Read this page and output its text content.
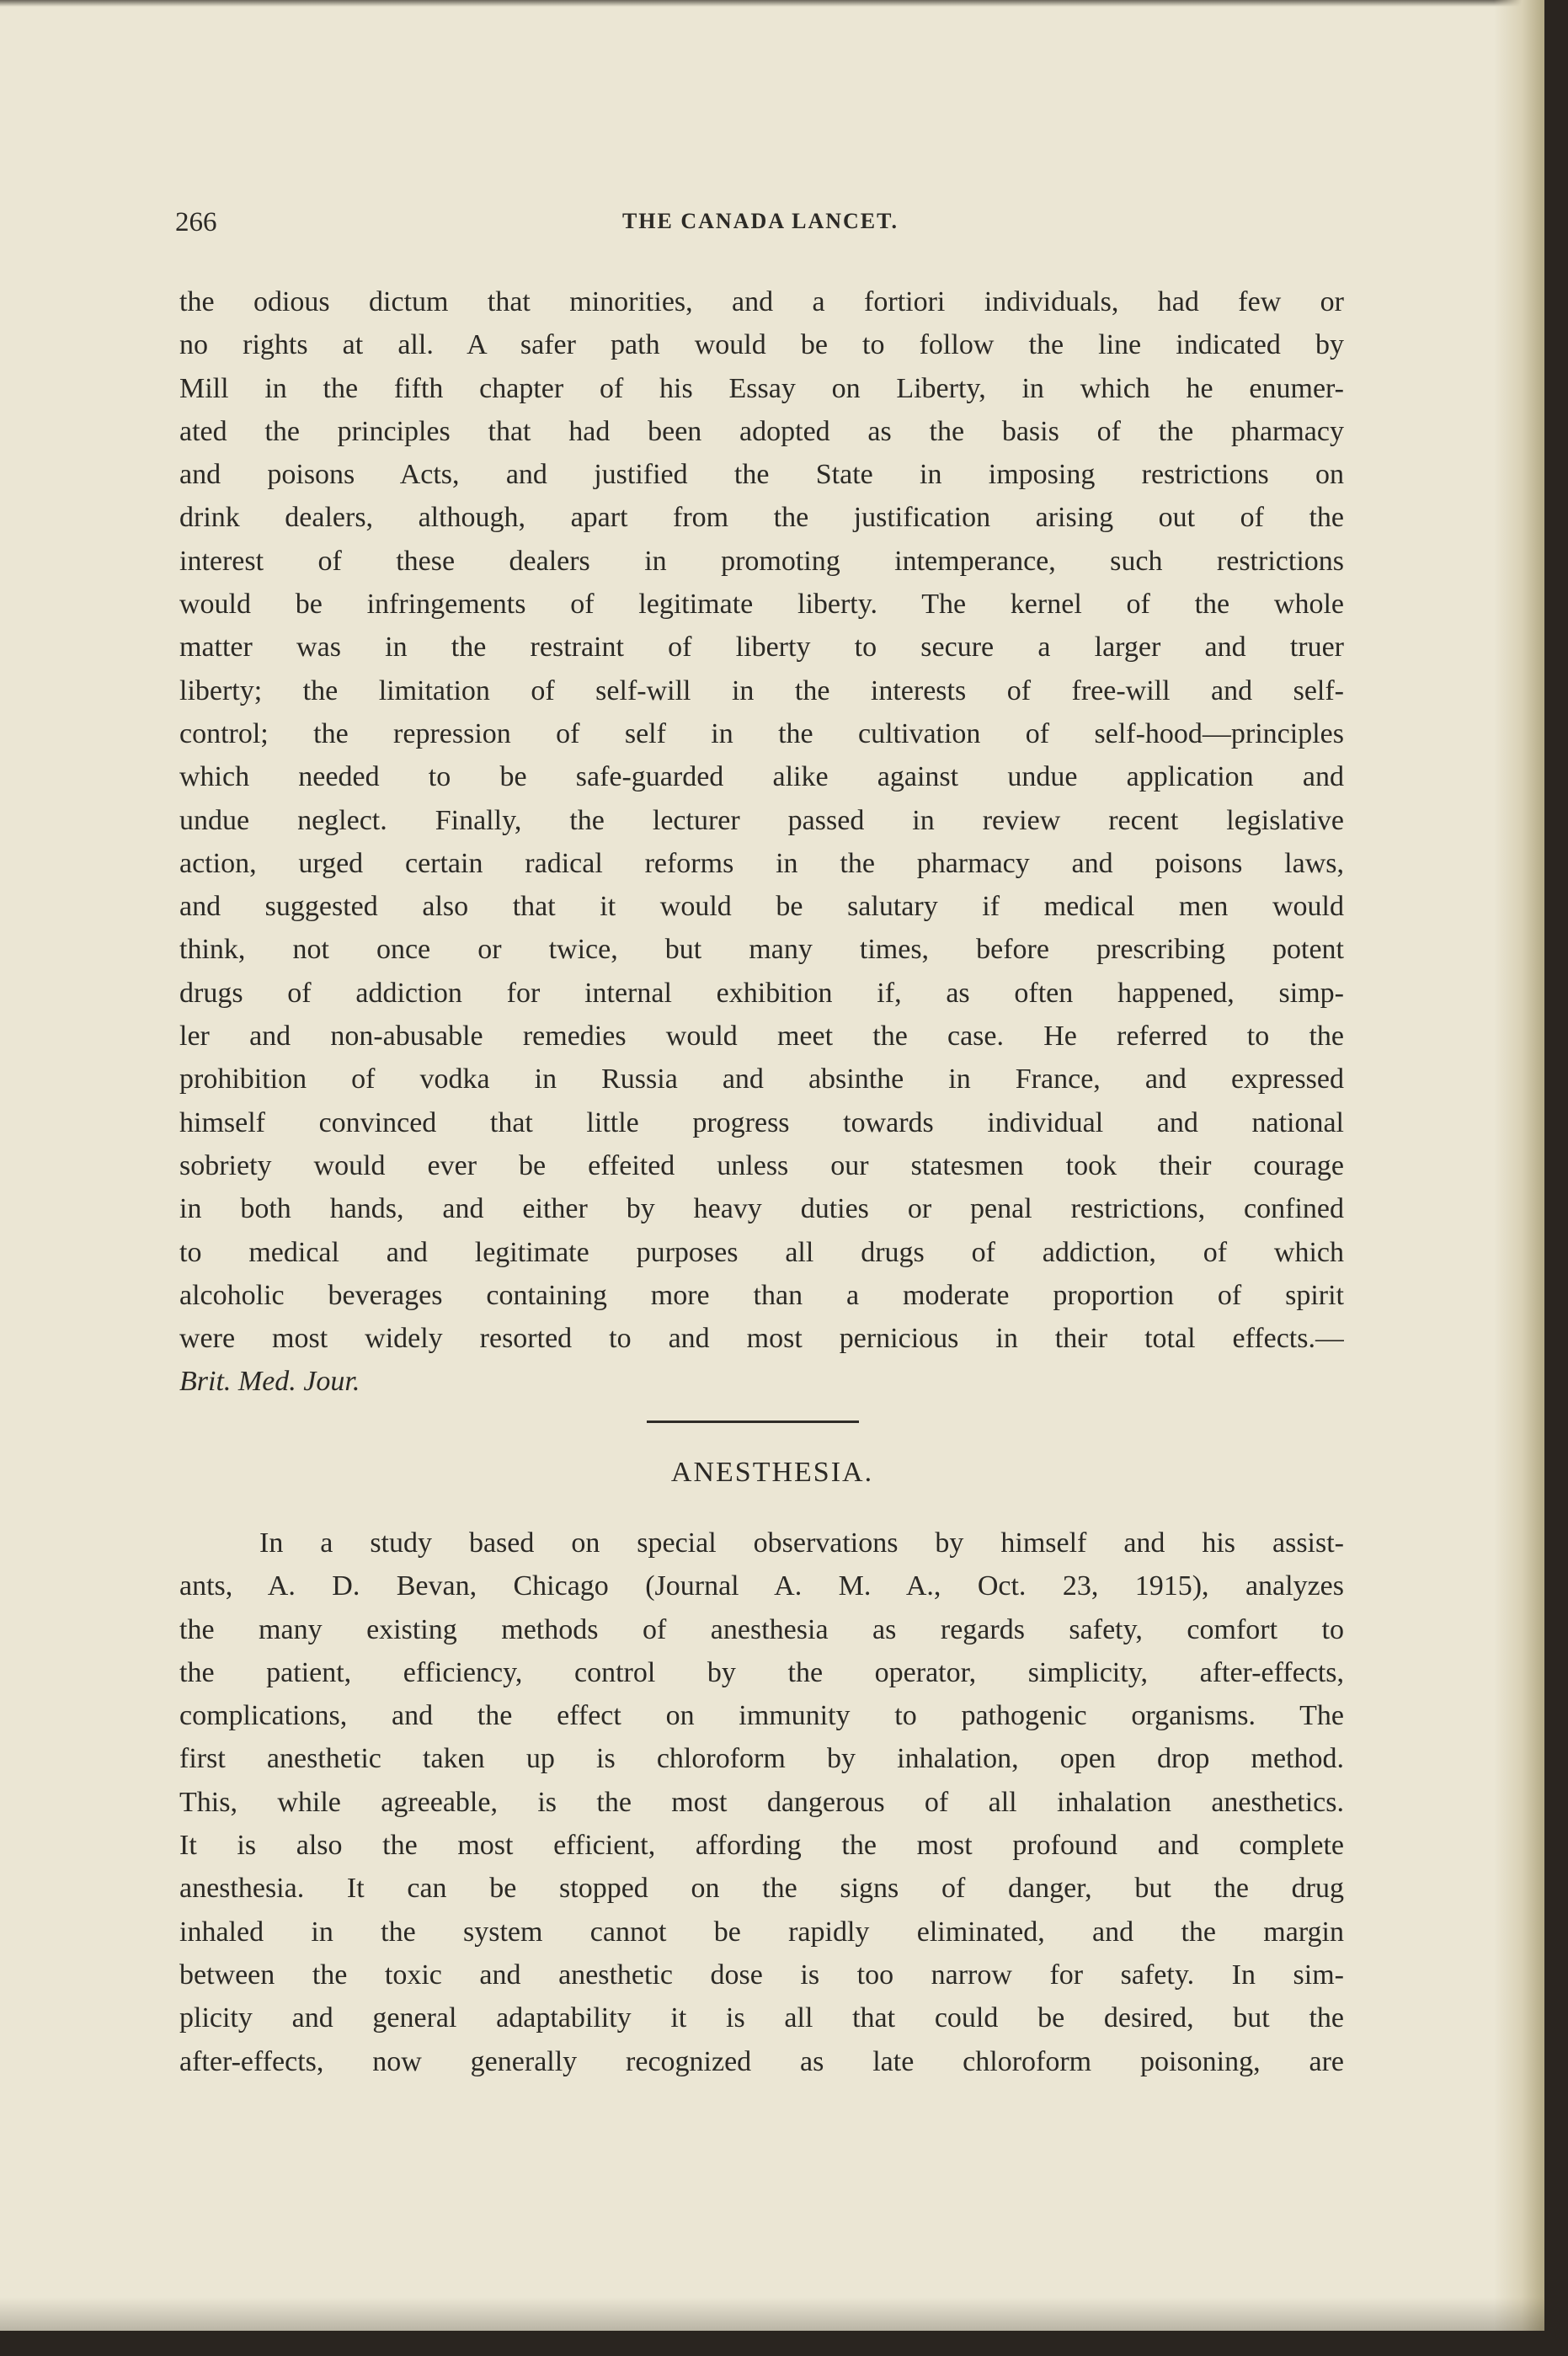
266	THE CANADA LANCET.
the odious dictum that minorities, and a fortiori individuals, had few or
no rights at all. A safer path would be to follow the line indicated by
Mill in the fifth chapter of his Essay on Liberty, in which he enumer-
ated the principles that had been adopted as the basis of the pharmacy
and poisons Acts, and justified the State in imposing restrictions on
drink dealers, although, apart from the justification arising out of the
interest of these dealers in promoting intemperance, such restrictions
would be infringements of legitimate liberty. The kernel of the whole
matter was in the restraint of liberty to secure a larger and truer
liberty; the limitation of self-will in the interests of free-will and self-
control; the repression of self in the cultivation of self-hood—principles
which needed to be safe-guarded alike against undue application and
undue neglect. Finally, the lecturer passed in review recent legislative
action, urged certain radical reforms in the pharmacy and poisons laws,
and suggested also that it would be salutary if medical men would
think, not once or twice, but many times, before prescribing potent
drugs of addiction for internal exhibition if, as often happened, simp-
ler and non-abusable remedies would meet the case. He referred to the
prohibition of vodka in Russia and absinthe in France, and expressed
himself convinced that little progress towards individual and national
sobriety would ever be effeited unless our statesmen took their courage
in both hands, and either by heavy duties or penal restrictions, confined
to medical and legitimate purposes all drugs of addiction, of which
alcoholic beverages containing more than a moderate proportion of spirit
were most widely resorted to and most pernicious in their total effects.—
Brit. Med. Jour.
ANESTHESIA.
In a study based on special observations by himself and his assist-
ants, A. D. Bevan, Chicago (Journal A. M. A., Oct. 23, 1915), analyzes
the many existing methods of anesthesia as regards safety, comfort to
the patient, efficiency, control by the operator, simplicity, after-effects,
complications, and the effect on immunity to pathogenic organisms. The
first anesthetic taken up is chloroform by inhalation, open drop method.
This, while agreeable, is the most dangerous of all inhalation anesthetics.
It is also the most efficient, affording the most profound and complete
anesthesia. It can be stopped on the signs of danger, but the drug
inhaled in the system cannot be rapidly eliminated, and the margin
between the toxic and anesthetic dose is too narrow for safety. In sim-
plicity and general adaptability it is all that could be desired, but the
after-effects, now generally recognized as late chloroform poisoning, are
